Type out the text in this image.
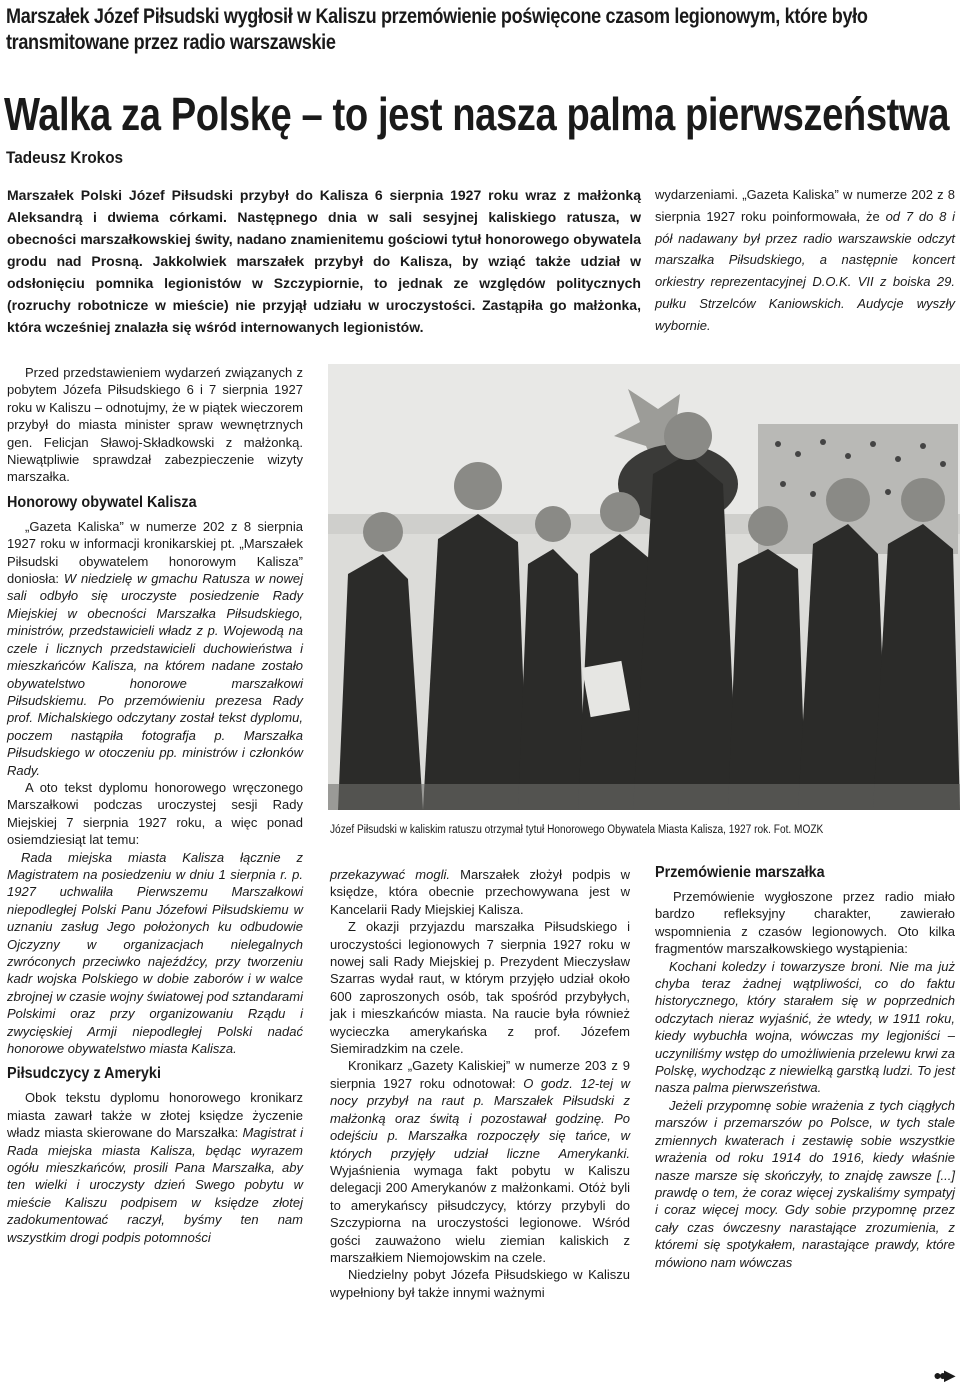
Marszałek Józef Piłsudski wygłosił w Kaliszu przemówienie poświęcone czasom legionowym, które było transmitowane przez radio warszawskie
Walka za Polskę – to jest nasza palma pierwszeństwa
Tadeusz Krokos
Marszałek Polski Józef Piłsudski przybył do Kalisza 6 sierpnia 1927 roku wraz z małżonką Aleksandrą i dwiema córkami. Następnego dnia w sali sesyjnej kaliskiego ratusza, w obecności marszałkowskiej świty, nadano znamienitemu gościowi tytuł honorowego obywatela grodu nad Prosną. Jakkolwiek marszałek przybył do Kalisza, by wziąć także udział w odsłonięciu pomnika legionistów w Szczypiornie, to jednak ze względów politycznych (rozruchy robotnicze w mieście) nie przyjął udziału w uroczystości. Zastąpiła go małżonka, która wcześniej znalazła się wśród internowanych legionistów.
wydarzeniami. „Gazeta Kaliska” w numerze 202 z 8 sierpnia 1927 roku poinformowała, że od 7 do 8 i pół nadawany był przez radio warszawskie odczyt marszałka Piłsudskiego, a następnie koncert orkiestry reprezentacyjnej D.O.K. VII z boiska 29. pułku Strzelców Kaniowskich. Audycje wyszły wybornie.

Przed przedstawieniem wydarzeń związanych z pobytem Józefa Piłsudskiego 6 i 7 sierpnia 1927 roku w Kaliszu – odnotujmy, że w piątek wieczorem przybył do miasta minister spraw wewnętrznych gen. Felicjan Sławoj-Składkowski z małżonką. Niewątpliwie sprawdzał zabezpieczenie wizyty marszałka.

Honorowy obywatel Kalisza

„Gazeta Kaliska” w numerze 202 z 8 sierpnia 1927 roku w informacji kronikarskiej pt. „Marszałek Piłsudski obywatelem honorowym Kalisza” doniosła: W niedzielę w gmachu Ratusza w nowej sali odbyło się uroczyste posiedzenie Rady Miejskiej w obecności Marszałka Piłsudskiego, ministrów, przedstawicieli władz z p. Wojewodą na czele i licznych przedstawicieli duchowieństwa i mieszkańców Kalisza, na którem nadane zostało obywatelstwo honorowe marszałkowi Piłsudskiemu. Po przemówieniu prezesa Rady prof. Michalskiego odczytany został tekst dyplomu, poczem nastąpiła fotografja p. Marszałka Piłsudskiego w otoczeniu pp. ministrów i członków Rady.

A oto tekst dyplomu honorowego wręczonego Marszałkowi podczas uroczystej sesji Rady Miejskiej 7 sierpnia 1927 roku, a więc ponad osiemdziesiąt lat temu:

Rada miejska miasta Kalisza łącznie z Magistratem na posiedzeniu w dniu 1 sierpnia r. p. 1927 uchwaliła Pierwszemu Marszałkowi niepodległej Polski Panu Józefowi Piłsudskiemu w uznaniu zasług Jego położonych ku odbudowie Ojczyzny w organizacjach nielegalnych zwróconych przeciwko najeźdźcy, przy tworzeniu kadr wojska Polskiego w dobie zaborów i w walce zbrojnej w czasie wojny światowej pod sztandarami Polskimi oraz przy organizowaniu Rządu i zwycięskiej Armji niepodległej Polski nadać honorowe obywatelstwo miasta Kalisza.

Piłsudczycy z Ameryki

Obok tekstu dyplomu honorowego kronikarz miasta zawarł także w złotej księdze życzenie władz miasta skierowane do Marszałka: Magistrat i Rada miejska miasta Kalisza, będąc wyrazem ogółu mieszkańców, prosili Pana Marszałka, aby ten wielki i uroczysty dzień Swego pobytu w mieście Kaliszu podpisem w księdze złotej zadokumentować raczył, byśmy ten nam wszystkim drogi podpis potomności

Józef Piłsudski w kaliskim ratuszu otrzymał tytuł Honorowego Obywatela Miasta Kalisza, 1927 rok. Fot. MOZK

przekazywać mogli. Marszałek złożył podpis w księdze, która obecnie przechowywana jest w Kancelarii Rady Miejskiej Kalisza.

Z okazji przyjazdu marszałka Piłsudskiego i uroczystości legionowych 7 sierpnia 1927 roku w nowej sali Rady Miejskiej p. Prezydent Mieczysław Szarras wydał raut, w którym przyjęło udział około 600 zaproszonych osób, tak spośród przybyłych, jak i mieszkańców miasta. Na raucie była również wycieczka amerykańska z prof. Józefem Siemiradzkim na czele.

Kronikarz „Gazety Kaliskiej” w numerze 203 z 9 sierpnia 1927 roku odnotował: O godz. 12-tej w nocy przybył na raut p. Marszałek Piłsudski z małżonką oraz świtą i pozostawał godzinę. Po odejściu p. Marszałka rozpoczęły się tańce, w których przyjęły udział liczne Amerykanki. Wyjaśnienia wymaga fakt pobytu w Kaliszu delegacji 200 Amerykanów z małżonkami. Otóż byli to amerykańscy piłsudczycy, którzy przybyli do Szczypiorna na uroczystości legionowe. Wśród gości zauważono wielu ziemian kaliskich z marszałkiem Niemojowskim na czele.

Niedzielny pobyt Józefa Piłsudskiego w Kaliszu wypełniony był także innymi ważnymi

Przemówienie marszałka

Przemówienie wygłoszone przez radio miało bardzo refleksyjny charakter, zawierało wspomnienia z czasów legionowych. Oto kilka fragmentów marszałkowskiego wystąpienia:

Kochani koledzy i towarzysze broni. Nie ma już chyba teraz żadnej wątpliwości, co do faktu historycznego, który starałem się w poprzednich odczytach nieraz wyjaśnić, że wtedy, w 1911 roku, kiedy wybuchła wojna, wówczas my legjoniści – uczyniliśmy wstęp do umożliwienia przelewu krwi za Polskę, wychodząc z niewielką garstką ludzi. To jest nasza palma pierwszeństwa.

Jeżeli przypomnę sobie wrażenia z tych ciągłych marszów i przemarszów po Polsce, w tych stale zmiennych kwaterach i zestawię sobie wszystkie wrażenia od roku 1914 do 1916, kiedy właśnie nasze marsze się skończyły, to znajdę zawsze [...] prawdę o tem, że coraz więcej zyskaliśmy sympatyj i coraz więcej mocy. Gdy sobie przypomnę przez cały czas ówczesny narastające zrozumienia, z któremi się spotykałem, narastające prawdy, które mówiono nam wówczas

●●▶
